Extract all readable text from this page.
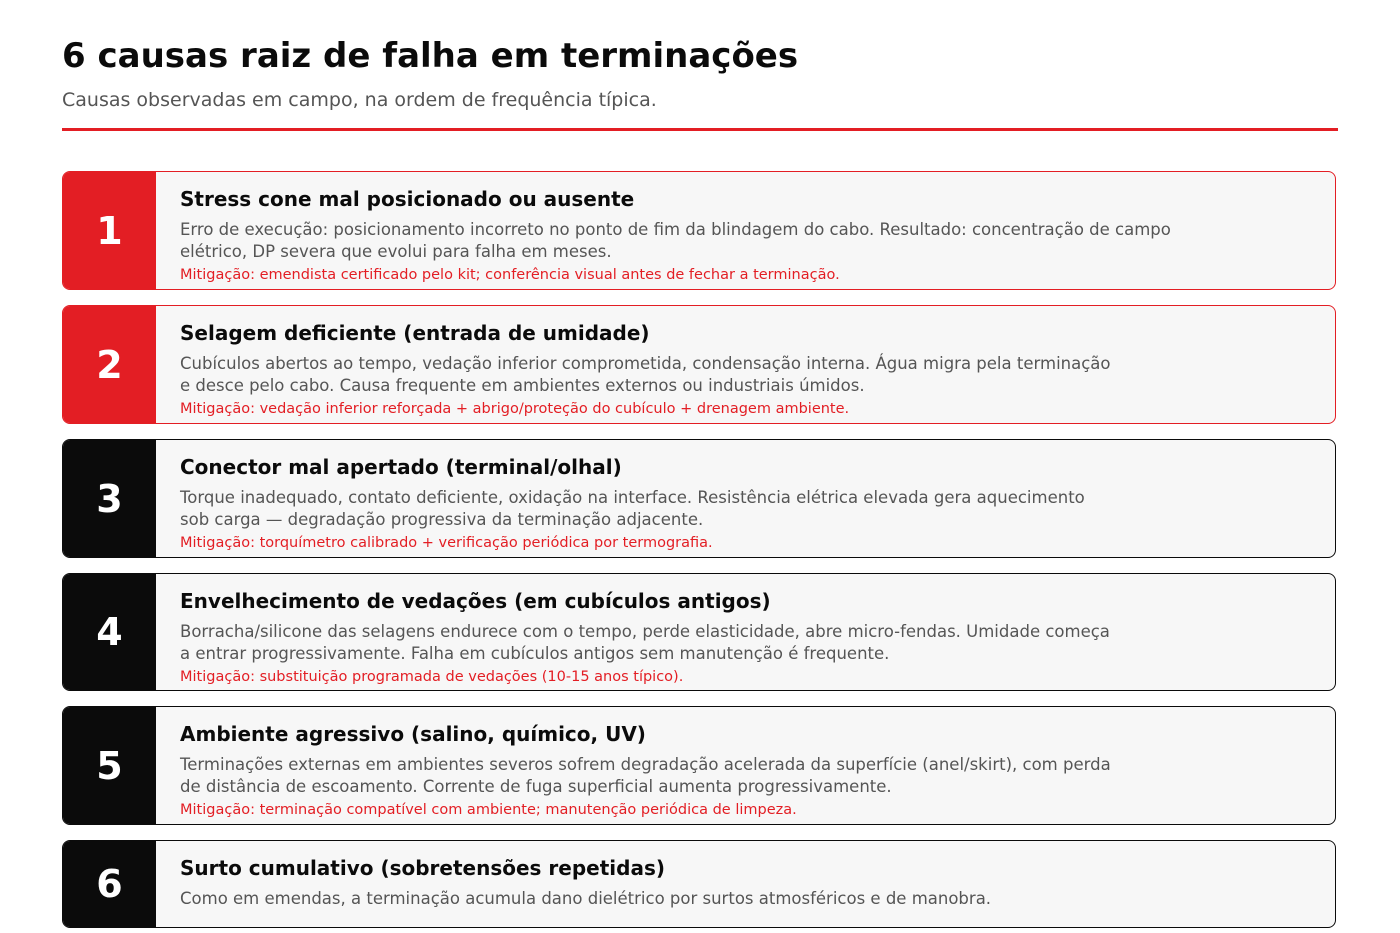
6 causas raiz de falha em terminações

Causas observadas em campo, na ordem de frequência típica.

1
Stress cone mal posicionado ou ausente

Erro de execução: posicionamento incorreto no ponto de fim da blindagem do cabo. Resultado: concentração de campo
elétrico, DP severa que evolui para falha em meses.

Mitigação: emendista certificado pelo kit; conferência visual antes de fechar a terminação.

2
Selagem deficiente (entrada de umidade)

Cubículos abertos ao tempo, vedação inferior comprometida, condensação interna. Água migra pela terminação
e desce pelo cabo. Causa frequente em ambientes externos ou industriais úmidos.

Mitigação: vedação inferior reforçada + abrigo/proteção do cubículo + drenagem ambiente.

3
Conector mal apertado (terminal/olhal)

Torque inadequado, contato deficiente, oxidação na interface. Resistência elétrica elevada gera aquecimento
sob carga — degradação progressiva da terminação adjacente.

Mitigação: torquímetro calibrado + verificação periódica por termografia.

4
Envelhecimento de vedações (em cubículos antigos)

Borracha/silicone das selagens endurece com o tempo, perde elasticidade, abre micro-fendas. Umidade começa
a entrar progressivamente. Falha em cubículos antigos sem manutenção é frequente.

Mitigação: substituição programada de vedações (10-15 anos típico).

5
Ambiente agressivo (salino, químico, UV)

Terminações externas em ambientes severos sofrem degradação acelerada da superfície (anel/skirt), com perda
de distância de escoamento. Corrente de fuga superficial aumenta progressivamente.

Mitigação: terminação compatível com ambiente; manutenção periódica de limpeza.

6	Surto cumulativo (sobretensões repetidas)

Como em emendas, a terminação acumula dano dielétrico por surtos atmosféricos e de manobra.
